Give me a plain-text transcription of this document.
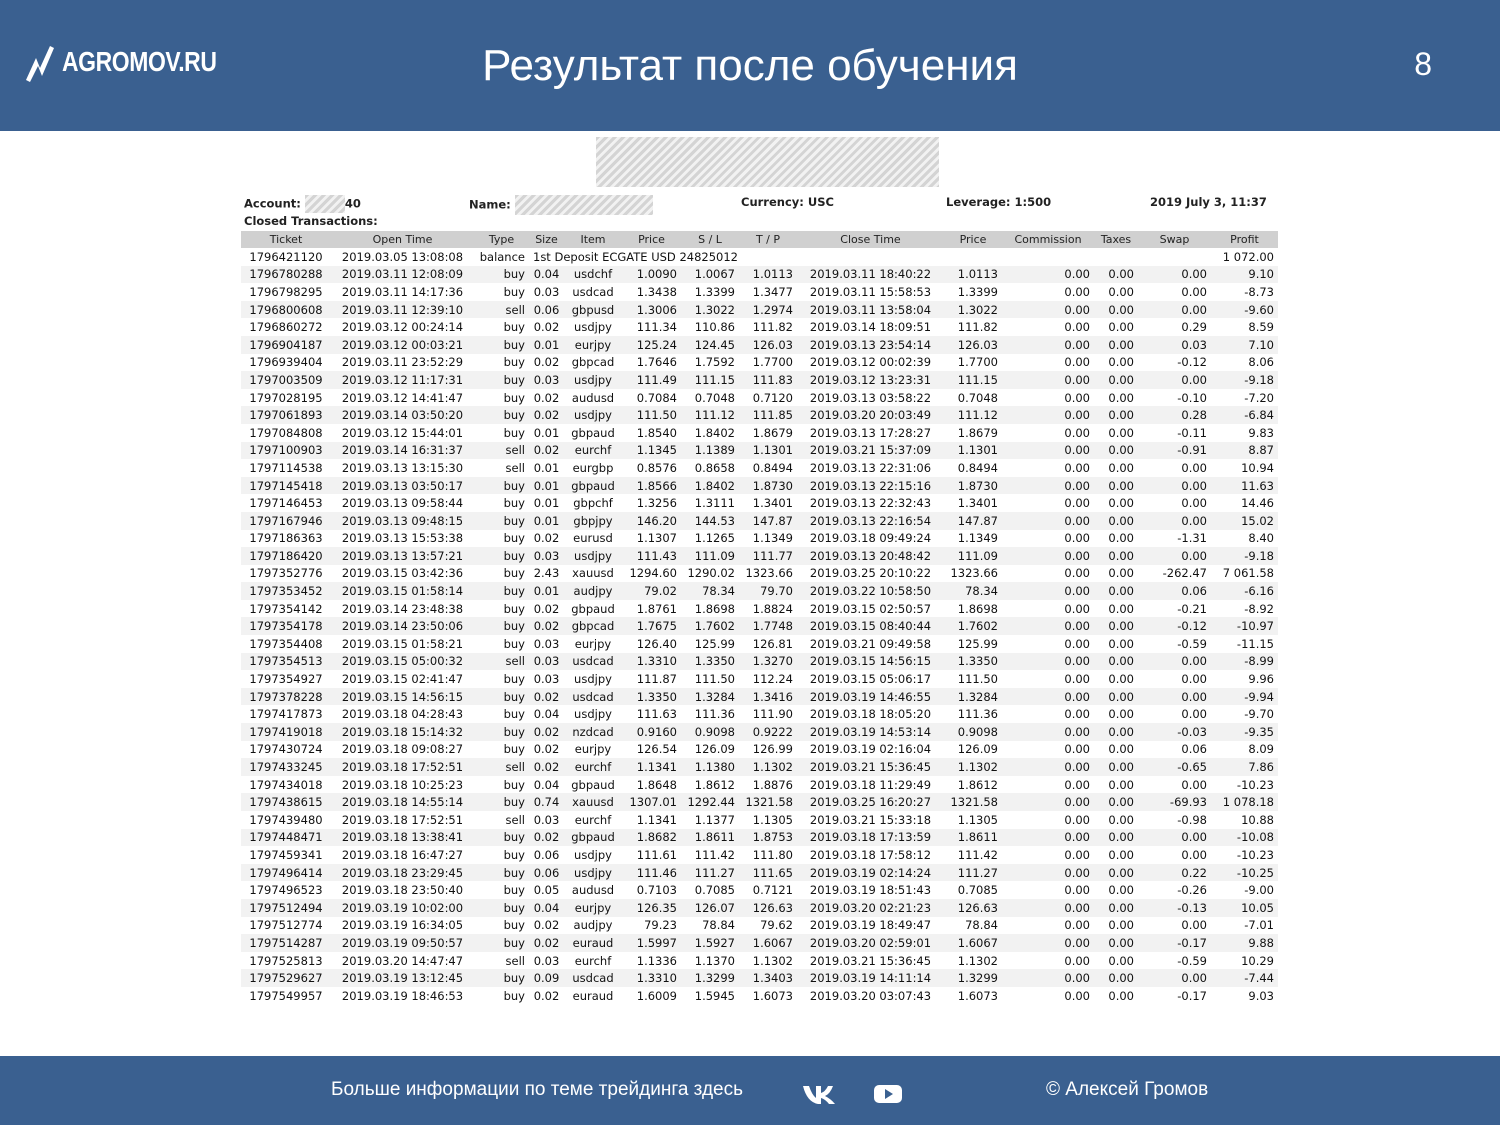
AGROMOV.RU	Результат после обучения	8
Account:	40	Name:	Currency: USC	Leverage: 1:500	2019 July 3, 11:37
Closed Transactions:
Ticket	Open Time	Type	Size	Item	Price	S / L	T / P	Close Time	Price	Commission	Taxes	Swap	Profit
1796421120	2019.03.05 13:08:08	balance	1st Deposit ECGATE USD 24825012										1 072.00
1796780288	2019.03.11 12:08:09	buy	0.04	usdchf	1.0090	1.0067	1.0113	2019.03.11 18:40:22	1.0113	0.00	0.00	0.00	9.10
1796798295	2019.03.11 14:17:36	buy	0.03	usdcad	1.3438	1.3399	1.3477	2019.03.11 15:58:53	1.3399	0.00	0.00	0.00	-8.73
1796800608	2019.03.11 12:39:10	sell	0.06	gbpusd	1.3006	1.3022	1.2974	2019.03.11 13:58:04	1.3022	0.00	0.00	0.00	-9.60
1796860272	2019.03.12 00:24:14	buy	0.02	usdjpy	111.34	110.86	111.82	2019.03.14 18:09:51	111.82	0.00	0.00	0.29	8.59
1796904187	2019.03.12 00:03:21	buy	0.01	eurjpy	125.24	124.45	126.03	2019.03.13 23:54:14	126.03	0.00	0.00	0.03	7.10
1796939404	2019.03.11 23:52:29	buy	0.02	gbpcad	1.7646	1.7592	1.7700	2019.03.12 00:02:39	1.7700	0.00	0.00	-0.12	8.06
1797003509	2019.03.12 11:17:31	buy	0.03	usdjpy	111.49	111.15	111.83	2019.03.12 13:23:31	111.15	0.00	0.00	0.00	-9.18
1797028195	2019.03.12 14:41:47	buy	0.02	audusd	0.7084	0.7048	0.7120	2019.03.13 03:58:22	0.7048	0.00	0.00	-0.10	-7.20
1797061893	2019.03.14 03:50:20	buy	0.02	usdjpy	111.50	111.12	111.85	2019.03.20 20:03:49	111.12	0.00	0.00	0.28	-6.84
1797084808	2019.03.12 15:44:01	buy	0.01	gbpaud	1.8540	1.8402	1.8679	2019.03.13 17:28:27	1.8679	0.00	0.00	-0.11	9.83
1797100903	2019.03.14 16:31:37	sell	0.02	eurchf	1.1345	1.1389	1.1301	2019.03.21 15:37:09	1.1301	0.00	0.00	-0.91	8.87
1797114538	2019.03.13 13:15:30	sell	0.01	eurgbp	0.8576	0.8658	0.8494	2019.03.13 22:31:06	0.8494	0.00	0.00	0.00	10.94
1797145418	2019.03.13 03:50:17	buy	0.01	gbpaud	1.8566	1.8402	1.8730	2019.03.13 22:15:16	1.8730	0.00	0.00	0.00	11.63
1797146453	2019.03.13 09:58:44	buy	0.01	gbpchf	1.3256	1.3111	1.3401	2019.03.13 22:32:43	1.3401	0.00	0.00	0.00	14.46
1797167946	2019.03.13 09:48:15	buy	0.01	gbpjpy	146.20	144.53	147.87	2019.03.13 22:16:54	147.87	0.00	0.00	0.00	15.02
1797186363	2019.03.13 15:53:38	buy	0.02	eurusd	1.1307	1.1265	1.1349	2019.03.18 09:49:24	1.1349	0.00	0.00	-1.31	8.40
1797186420	2019.03.13 13:57:21	buy	0.03	usdjpy	111.43	111.09	111.77	2019.03.13 20:48:42	111.09	0.00	0.00	0.00	-9.18
1797352776	2019.03.15 03:42:36	buy	2.43	xauusd	1294.60	1290.02	1323.66	2019.03.25 20:10:22	1323.66	0.00	0.00	-262.47	7 061.58
1797353452	2019.03.15 01:58:14	buy	0.01	audjpy	79.02	78.34	79.70	2019.03.22 10:58:50	78.34	0.00	0.00	0.06	-6.16
1797354142	2019.03.14 23:48:38	buy	0.02	gbpaud	1.8761	1.8698	1.8824	2019.03.15 02:50:57	1.8698	0.00	0.00	-0.21	-8.92
1797354178	2019.03.14 23:50:06	buy	0.02	gbpcad	1.7675	1.7602	1.7748	2019.03.15 08:40:44	1.7602	0.00	0.00	-0.12	-10.97
1797354408	2019.03.15 01:58:21	buy	0.03	eurjpy	126.40	125.99	126.81	2019.03.21 09:49:58	125.99	0.00	0.00	-0.59	-11.15
1797354513	2019.03.15 05:00:32	sell	0.03	usdcad	1.3310	1.3350	1.3270	2019.03.15 14:56:15	1.3350	0.00	0.00	0.00	-8.99
1797354927	2019.03.15 02:41:47	buy	0.03	usdjpy	111.87	111.50	112.24	2019.03.15 05:06:17	111.50	0.00	0.00	0.00	9.96
1797378228	2019.03.15 14:56:15	buy	0.02	usdcad	1.3350	1.3284	1.3416	2019.03.19 14:46:55	1.3284	0.00	0.00	0.00	-9.94
1797417873	2019.03.18 04:28:43	buy	0.04	usdjpy	111.63	111.36	111.90	2019.03.18 18:05:20	111.36	0.00	0.00	0.00	-9.70
1797419018	2019.03.18 15:14:32	buy	0.02	nzdcad	0.9160	0.9098	0.9222	2019.03.19 14:53:14	0.9098	0.00	0.00	-0.03	-9.35
1797430724	2019.03.18 09:08:27	buy	0.02	eurjpy	126.54	126.09	126.99	2019.03.19 02:16:04	126.09	0.00	0.00	0.06	8.09
1797433245	2019.03.18 17:52:51	sell	0.02	eurchf	1.1341	1.1380	1.1302	2019.03.21 15:36:45	1.1302	0.00	0.00	-0.65	7.86
1797434018	2019.03.18 10:25:23	buy	0.04	gbpaud	1.8648	1.8612	1.8876	2019.03.18 11:29:49	1.8612	0.00	0.00	0.00	-10.23
1797438615	2019.03.18 14:55:14	buy	0.74	xauusd	1307.01	1292.44	1321.58	2019.03.25 16:20:27	1321.58	0.00	0.00	-69.93	1 078.18
1797439480	2019.03.18 17:52:51	sell	0.03	eurchf	1.1341	1.1377	1.1305	2019.03.21 15:33:18	1.1305	0.00	0.00	-0.98	10.88
1797448471	2019.03.18 13:38:41	buy	0.02	gbpaud	1.8682	1.8611	1.8753	2019.03.18 17:13:59	1.8611	0.00	0.00	0.00	-10.08
1797459341	2019.03.18 16:47:27	buy	0.06	usdjpy	111.61	111.42	111.80	2019.03.18 17:58:12	111.42	0.00	0.00	0.00	-10.23
1797496414	2019.03.18 23:29:45	buy	0.06	usdjpy	111.46	111.27	111.65	2019.03.19 02:14:24	111.27	0.00	0.00	0.22	-10.25
1797496523	2019.03.18 23:50:40	buy	0.05	audusd	0.7103	0.7085	0.7121	2019.03.19 18:51:43	0.7085	0.00	0.00	-0.26	-9.00
1797512494	2019.03.19 10:02:00	buy	0.04	eurjpy	126.35	126.07	126.63	2019.03.20 02:21:23	126.63	0.00	0.00	-0.13	10.05
1797512774	2019.03.19 16:34:05	buy	0.02	audjpy	79.23	78.84	79.62	2019.03.19 18:49:47	78.84	0.00	0.00	0.00	-7.01
1797514287	2019.03.19 09:50:57	buy	0.02	euraud	1.5997	1.5927	1.6067	2019.03.20 02:59:01	1.6067	0.00	0.00	-0.17	9.88
1797525813	2019.03.20 14:47:47	sell	0.03	eurchf	1.1336	1.1370	1.1302	2019.03.21 15:36:45	1.1302	0.00	0.00	-0.59	10.29
1797529627	2019.03.19 13:12:45	buy	0.09	usdcad	1.3310	1.3299	1.3403	2019.03.19 14:11:14	1.3299	0.00	0.00	0.00	-7.44
1797549957	2019.03.19 18:46:53	buy	0.02	euraud	1.6009	1.5945	1.6073	2019.03.20 03:07:43	1.6073	0.00	0.00	-0.17	9.03
Больше информации по теме трейдинга здесь	© Алексей Громов
